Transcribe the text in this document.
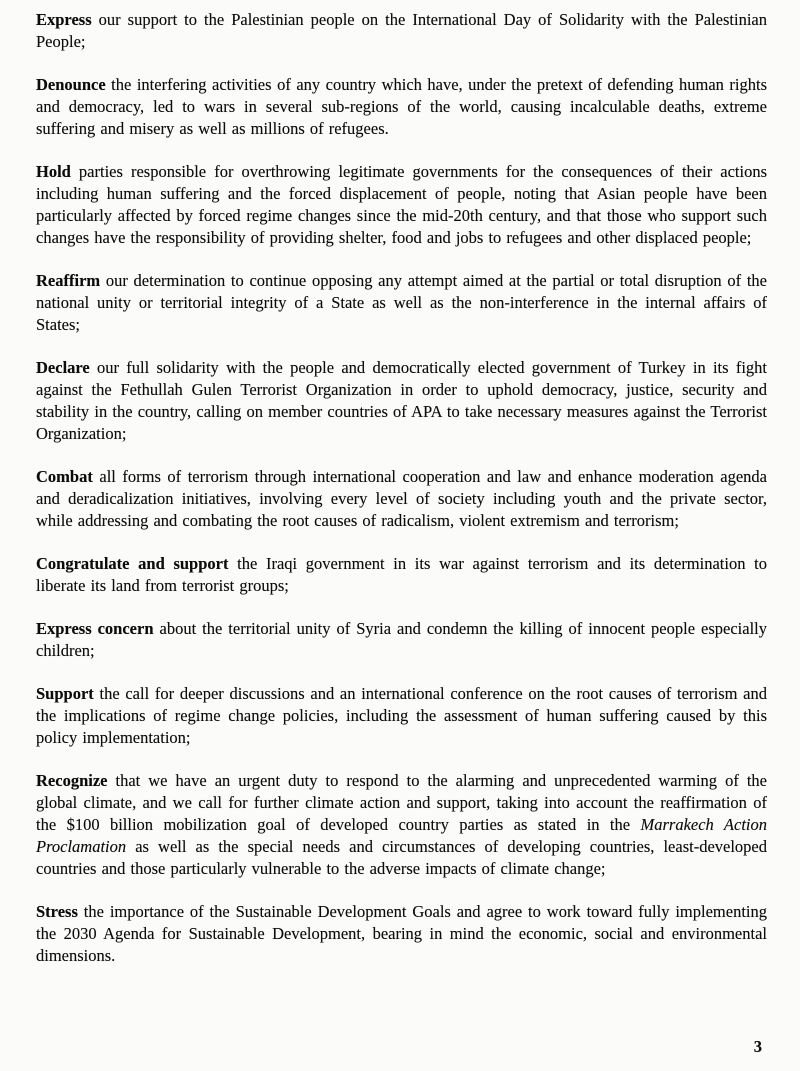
Express our support to the Palestinian people on the International Day of Solidarity with the Palestinian People;

Denounce the interfering activities of any country which have, under the pretext of defending human rights and democracy, led to wars in several sub-regions of the world, causing incalculable deaths, extreme suffering and misery as well as millions of refugees.

Hold parties responsible for overthrowing legitimate governments for the consequences of their actions including human suffering and the forced displacement of people, noting that Asian people have been particularly affected by forced regime changes since the mid-20th century, and that those who support such changes have the responsibility of providing shelter, food and jobs to refugees and other displaced people;

Reaffirm our determination to continue opposing any attempt aimed at the partial or total disruption of the national unity or territorial integrity of a State as well as the non-interference in the internal affairs of States;

Declare our full solidarity with the people and democratically elected government of Turkey in its fight against the Fethullah Gulen Terrorist Organization in order to uphold democracy, justice, security and stability in the country, calling on member countries of APA to take necessary measures against the Terrorist Organization;

Combat all forms of terrorism through international cooperation and law and enhance moderation agenda and deradicalization initiatives, involving every level of society including youth and the private sector, while addressing and combating the root causes of radicalism, violent extremism and terrorism;

Congratulate and support the Iraqi government in its war against terrorism and its determination to liberate its land from terrorist groups;

Express concern about the territorial unity of Syria and condemn the killing of innocent people especially children;

Support the call for deeper discussions and an international conference on the root causes of terrorism and the implications of regime change policies, including the assessment of human suffering caused by this policy implementation;

Recognize that we have an urgent duty to respond to the alarming and unprecedented warming of the global climate, and we call for further climate action and support, taking into account the reaffirmation of the $100 billion mobilization goal of developed country parties as stated in the Marrakech Action Proclamation as well as the special needs and circumstances of developing countries, least-developed countries and those particularly vulnerable to the adverse impacts of climate change;

Stress the importance of the Sustainable Development Goals and agree to work toward fully implementing the 2030 Agenda for Sustainable Development, bearing in mind the economic, social and environmental dimensions.

3
